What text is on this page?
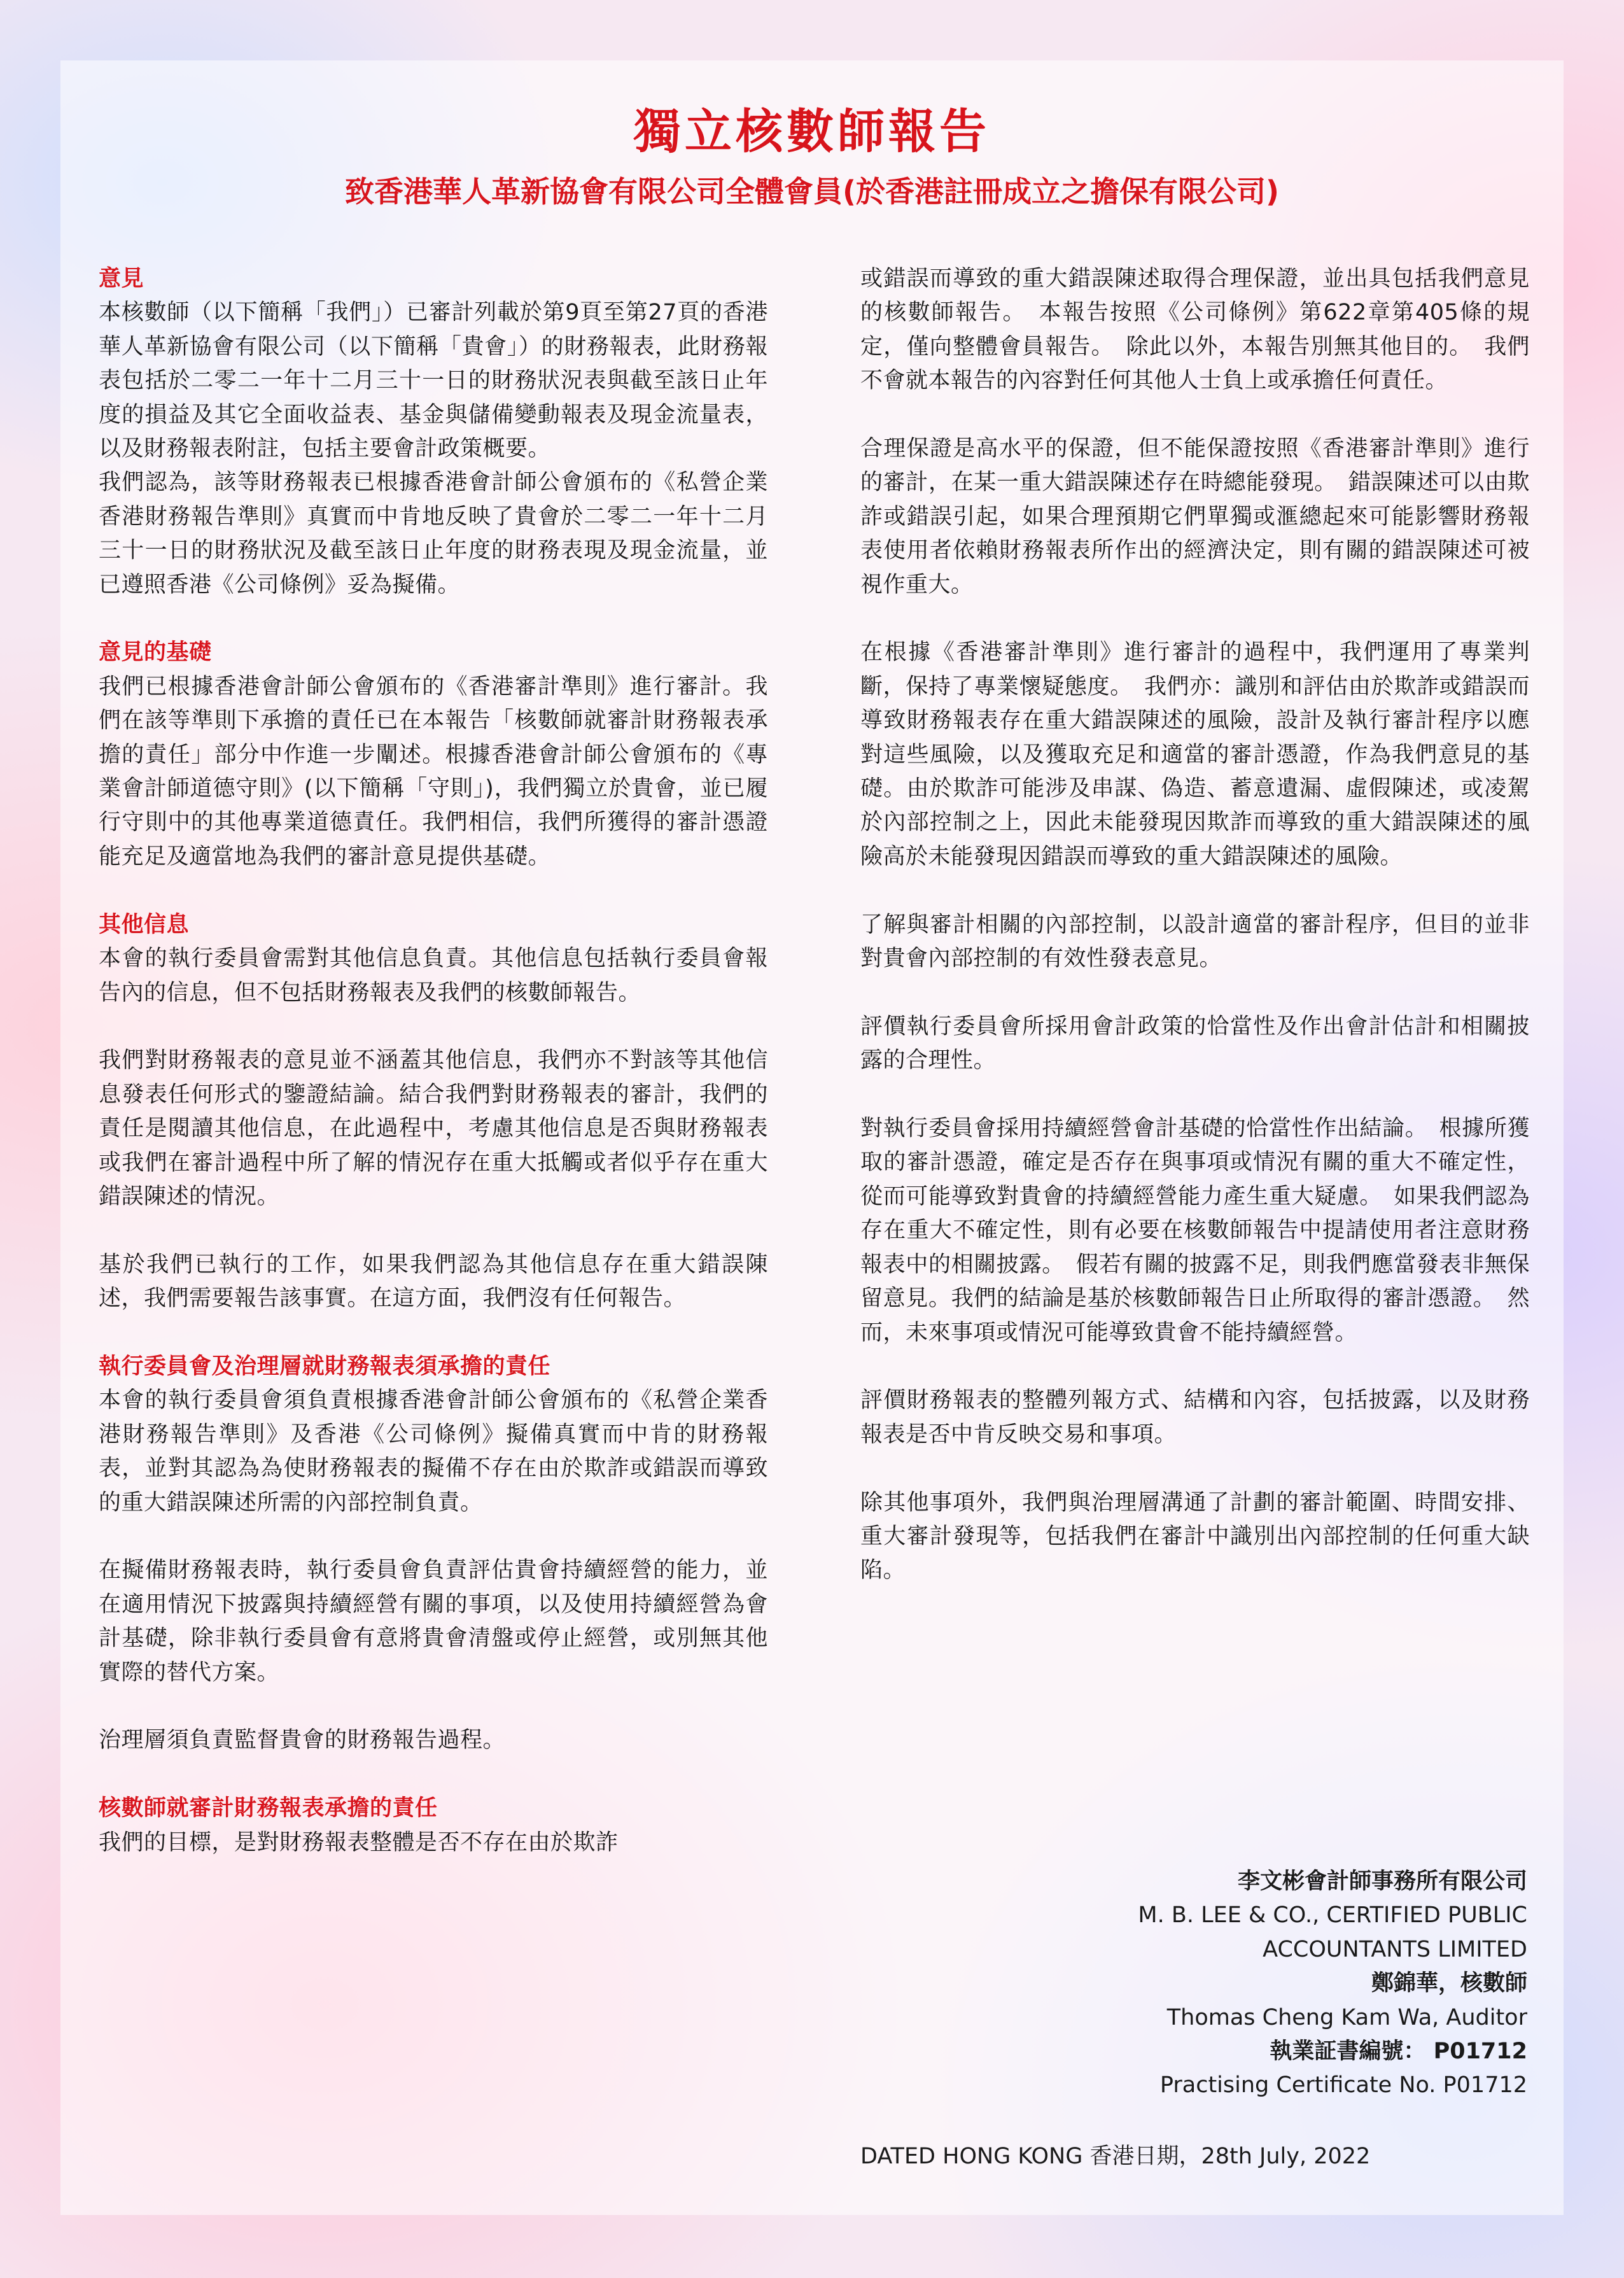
獨立核數師報告
致香港華人革新協會有限公司全體會員(於香港註冊成立之擔保有限公司)

意見

本核數師（以下簡稱「我們」）已審計列載於第9頁至第27頁的香港華人革新協會有限公司（以下簡稱「貴會」）的財務報表，此財務報表包括於二零二一年十二月三十一日的財務狀況表與截至該日止年度的損益及其它全面收益表、基金與儲備變動報表及現金流量表，以及財務報表附註，包括主要會計政策概要。

我們認為，該等財務報表已根據香港會計師公會頒布的《私營企業香港財務報告準則》真實而中肯地反映了貴會於二零二一年十二月三十一日的財務狀況及截至該日止年度的財務表現及現金流量，並已遵照香港《公司條例》妥為擬備。

意見的基礎

我們已根據香港會計師公會頒布的《香港審計準則》進行審計。我們在該等準則下承擔的責任已在本報告「核數師就審計財務報表承擔的責任」部分中作進一步闡述。根據香港會計師公會頒布的《專業會計師道德守則》(以下簡稱「守則」)，我們獨立於貴會，並已履行守則中的其他專業道德責任。我們相信，我們所獲得的審計憑證能充足及適當地為我們的審計意見提供基礎。

其他信息

本會的執行委員會需對其他信息負責。其他信息包括執行委員會報告內的信息，但不包括財務報表及我們的核數師報告。

我們對財務報表的意見並不涵蓋其他信息，我們亦不對該等其他信息發表任何形式的鑒證結論。結合我們對財務報表的審計，我們的責任是閱讀其他信息，在此過程中，考慮其他信息是否與財務報表或我們在審計過程中所了解的情況存在重大抵觸或者似乎存在重大錯誤陳述的情況。

基於我們已執行的工作，如果我們認為其他信息存在重大錯誤陳述，我們需要報告該事實。在這方面，我們沒有任何報告。

執行委員會及治理層就財務報表須承擔的責任

本會的執行委員會須負責根據香港會計師公會頒布的《私營企業香港財務報告準則》及香港《公司條例》擬備真實而中肯的財務報表，並對其認為為使財務報表的擬備不存在由於欺詐或錯誤而導致的重大錯誤陳述所需的內部控制負責。

在擬備財務報表時，執行委員會負責評估貴會持續經營的能力，並在適用情況下披露與持續經營有關的事項，以及使用持續經營為會計基礎，除非執行委員會有意將貴會清盤或停止經營，或別無其他實際的替代方案。

治理層須負責監督貴會的財務報告過程。

核數師就審計財務報表承擔的責任

我們的目標，是對財務報表整體是否不存在由於欺詐

或錯誤而導致的重大錯誤陳述取得合理保證，並出具包括我們意見的核數師報告。　本報告按照《公司條例》第622章第405條的規定，僅向整體會員報告。　除此以外，本報告別無其他目的。　我們不會就本報告的內容對任何其他人士負上或承擔任何責任。

合理保證是高水平的保證，但不能保證按照《香港審計準則》進行的審計，在某一重大錯誤陳述存在時總能發現。　錯誤陳述可以由欺詐或錯誤引起，如果合理預期它們單獨或滙總起來可能影響財務報表使用者依賴財務報表所作出的經濟決定，則有關的錯誤陳述可被視作重大。

在根據《香港審計準則》進行審計的過程中，我們運用了專業判斷，保持了專業懷疑態度。　我們亦：識別和評估由於欺詐或錯誤而導致財務報表存在重大錯誤陳述的風險，設計及執行審計程序以應對這些風險，以及獲取充足和適當的審計憑證，作為我們意見的基礎。由於欺詐可能涉及串謀、偽造、蓄意遺漏、虛假陳述，或凌駕於內部控制之上，因此未能發現因欺詐而導致的重大錯誤陳述的風險高於未能發現因錯誤而導致的重大錯誤陳述的風險。

了解與審計相關的內部控制，以設計適當的審計程序，但目的並非對貴會內部控制的有效性發表意見。

評價執行委員會所採用會計政策的恰當性及作出會計估計和相關披露的合理性。

對執行委員會採用持續經營會計基礎的恰當性作出結論。　根據所獲取的審計憑證，確定是否存在與事項或情況有關的重大不確定性，從而可能導致對貴會的持續經營能力產生重大疑慮。　如果我們認為存在重大不確定性，則有必要在核數師報告中提請使用者注意財務報表中的相關披露。　假若有關的披露不足，則我們應當發表非無保留意見。我們的結論是基於核數師報告日止所取得的審計憑證。　然而，未來事項或情況可能導致貴會不能持續經營。

評價財務報表的整體列報方式、結構和內容，包括披露，以及財務報表是否中肯反映交易和事項。

除其他事項外，我們與治理層溝通了計劃的審計範圍、時間安排、重大審計發現等，包括我們在審計中識別出內部控制的任何重大缺陷。

李文彬會計師事務所有限公司
M. B. LEE & CO., CERTIFIED PUBLIC
ACCOUNTANTS LIMITED
鄭錦華，核數師
Thomas Cheng Kam Wa, Auditor
執業証書編號： P01712
Practising Certificate No. P01712
DATED HONG KONG 香港日期，28th July, 2022
